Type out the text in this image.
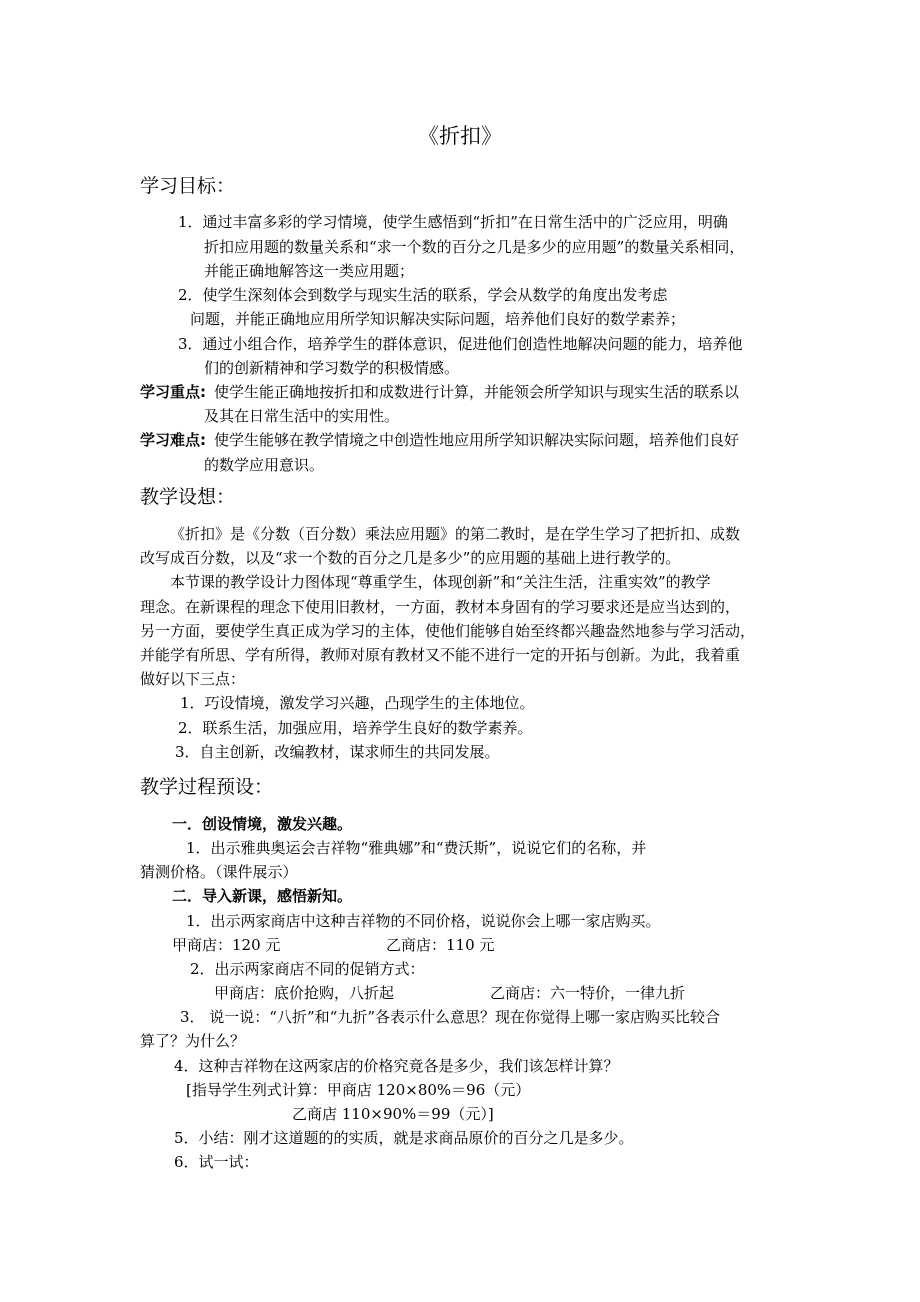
《折扣》
学习目标：
1．通过丰富多彩的学习情境，使学生感悟到“折扣”在日常生活中的广泛应用，明确
折扣应用题的数量关系和“求一个数的百分之几是多少的应用题”的数量关系相同，
并能正确地解答这一类应用题；
2．使学生深刻体会到数学与现实生活的联系，学会从数学的角度出发考虑
问题，并能正确地应用所学知识解决实际问题，培养他们良好的数学素养；
3．通过小组合作，培养学生的群体意识，促进他们创造性地解决问题的能力，培养他
们的创新精神和学习数学的积极情感。
学习重点: 使学生能正确地按折扣和成数进行计算，并能领会所学知识与现实生活的联系以
及其在日常生活中的实用性。
学习难点: 使学生能够在教学情境之中创造性地应用所学知识解决实际问题，培养他们良好
的数学应用意识。
教学设想：
《折扣》是《分数（百分数）乘法应用题》的第二教时，是在学生学习了把折扣、成数
改写成百分数，以及“求一个数的百分之几是多少”的应用题的基础上进行教学的。
本节课的教学设计力图体现“尊重学生，体现创新”和“关注生活，注重实效”的教学
理念。在新课程的理念下使用旧教材，一方面，教材本身固有的学习要求还是应当达到的，
另一方面，要使学生真正成为学习的主体，使他们能够自始至终都兴趣盎然地参与学习活动，
并能学有所思、学有所得，教师对原有教材又不能不进行一定的开拓与创新。为此，我着重
做好以下三点：
1．巧设情境，激发学习兴趣，凸现学生的主体地位。
2．联系生活，加强应用，培养学生良好的数学素养。
3．自主创新，改编教材，谋求师生的共同发展。
教学过程预设：
一．创设情境，激发兴趣。
1．出示雅典奥运会吉祥物“雅典娜”和“费沃斯”，说说它们的名称，并
猜测价格。（课件展示）
二．导入新课，感悟新知。
1．出示两家商店中这种吉祥物的不同价格，说说你会上哪一家店购买。
甲商店：120 元	乙商店：110 元
2．出示两家商店不同的促销方式：
甲商店：底价抢购，八折起	乙商店：六一特价，一律九折
3． 说一说：“八折”和“九折”各表示什么意思？现在你觉得上哪一家店购买比较合
算了？为什么？
4．这种吉祥物在这两家店的价格究竟各是多少，我们该怎样计算？
[指导学生列式计算：甲商店 120×80%＝96（元）
乙商店 110×90%＝99（元）]
5．小结：刚才这道题的的实质，就是求商品原价的百分之几是多少。
6．试一试：
